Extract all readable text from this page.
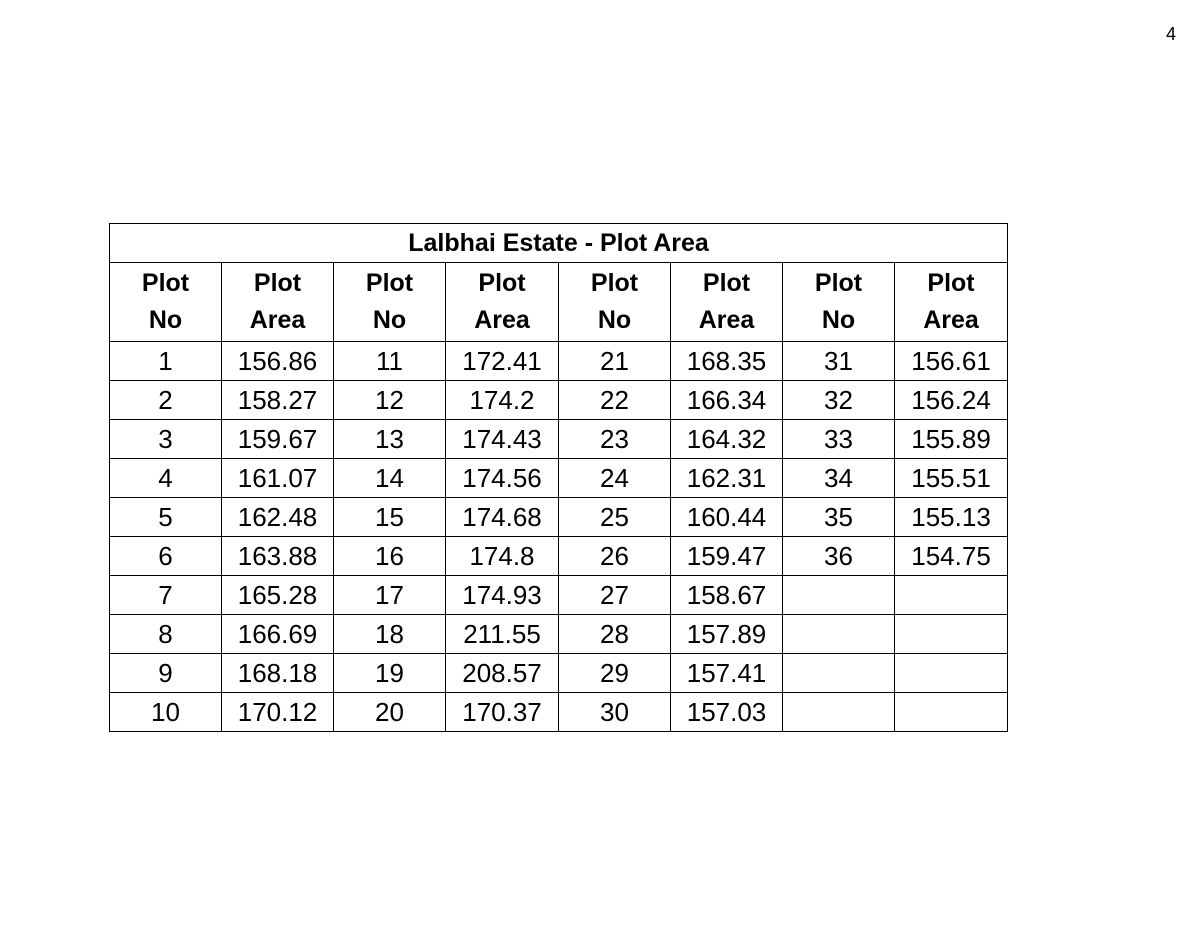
4
Lalbhai Estate - Plot Area							

Plot
No	Plot
Area	Plot
No	Plot
Area	Plot
No	Plot
Area	Plot
No	Plot
Area

1	156.86	11	172.41	21	168.35	31	156.61
2	158.27	12	174.2	22	166.34	32	156.24
3	159.67	13	174.43	23	164.32	33	155.89
4	161.07	14	174.56	24	162.31	34	155.51
5	162.48	15	174.68	25	160.44	35	155.13
6	163.88	16	174.8	26	159.47	36	154.75
7	165.28	17	174.93	27	158.67		
8	166.69	18	211.55	28	157.89		
9	168.18	19	208.57	29	157.41		
10	170.12	20	170.37	30	157.03		
